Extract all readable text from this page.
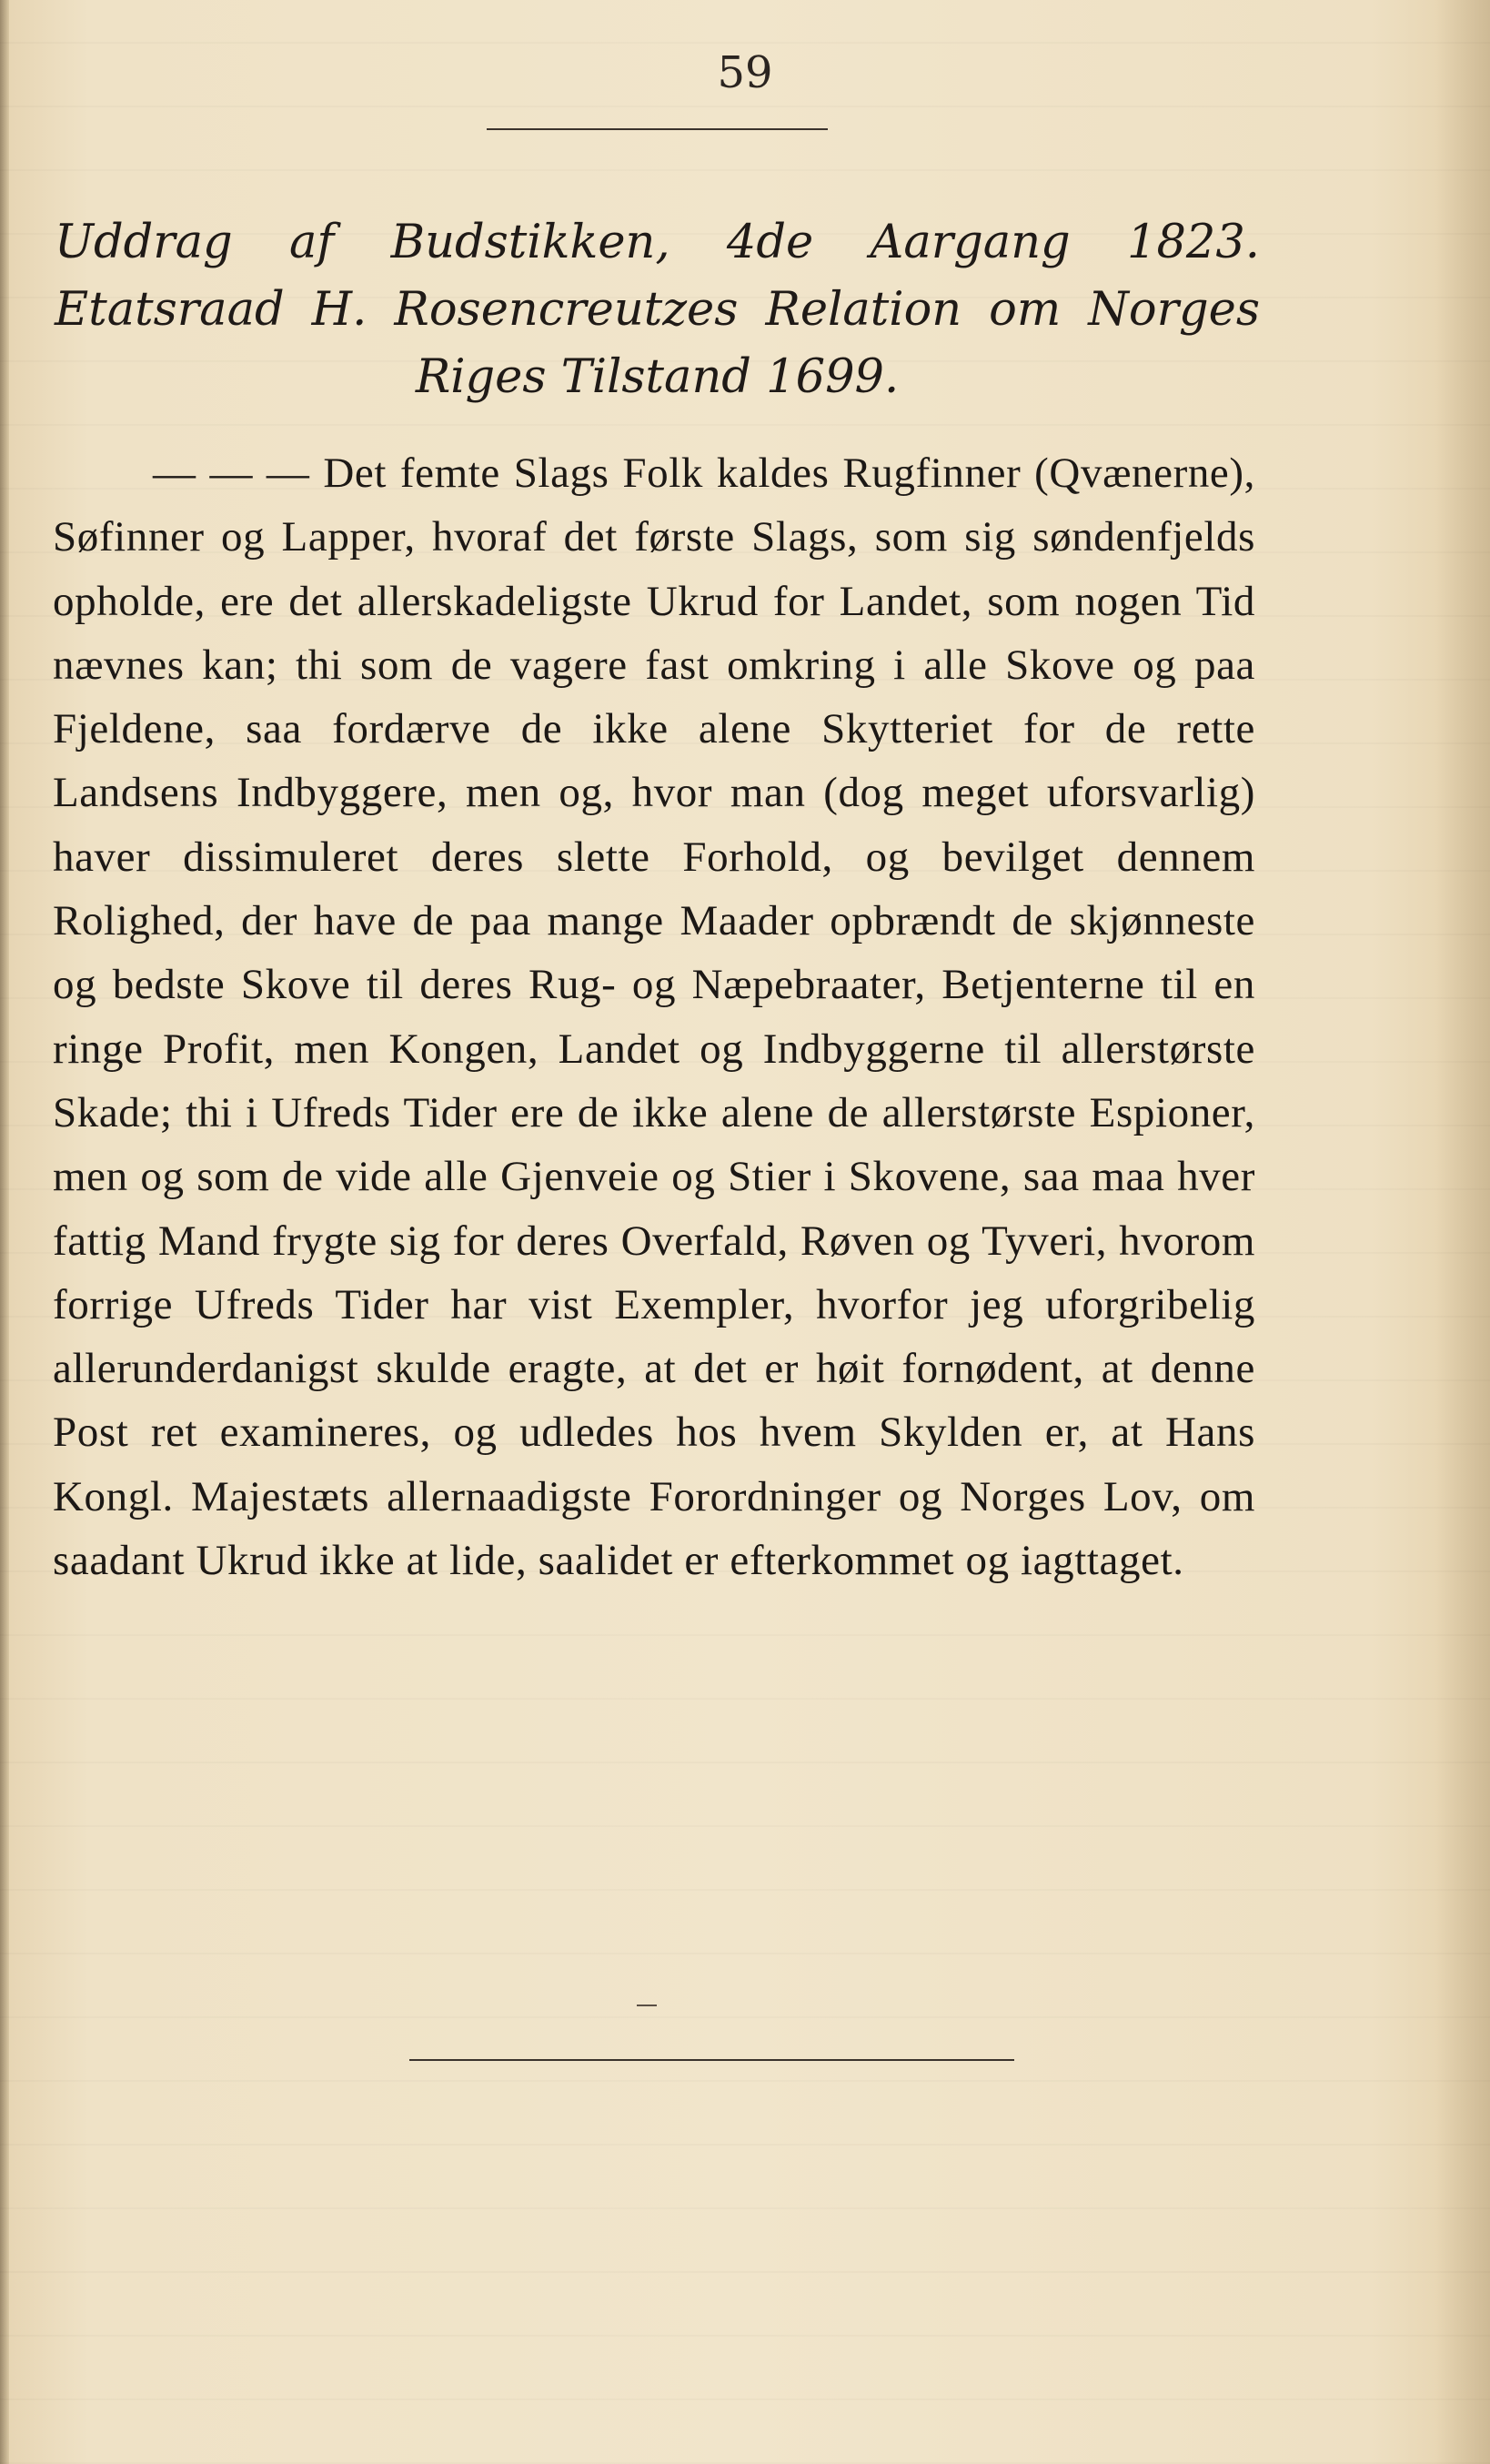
59
Uddrag af Budstikken, 4de Aargang 1823. Etatsraad H. Rosencreutzes Relation om Norges Riges Tilstand 1699.

— — — Det femte Slags Folk kaldes Rugfinner (Qvænerne), Søfinner og Lapper, hvoraf det første Slags, som sig søndenfjelds opholde, ere det allerskadeligste Ukrud for Landet, som nogen Tid nævnes kan; thi som de vagere fast omkring i alle Skove og paa Fjeldene, saa fordærve de ikke alene Skytteriet for de rette Landsens Indbyggere, men og, hvor man (dog meget uforsvarlig) haver dissimuleret deres slette Forhold, og bevilget dennem Rolighed, der have de paa mange Maader opbrændt de skjønneste og bedste Skove til deres Rug- og Næpebraater, Betjenterne til en ringe Profit, men Kongen, Landet og Indbyggerne til allerstørste Skade; thi i Ufreds Tider ere de ikke alene de allerstørste Espioner, men og som de vide alle Gjenveie og Stier i Skovene, saa maa hver fattig Mand frygte sig for deres Overfald, Røven og Tyveri, hvorom forrige Ufreds Tider har vist Exempler, hvorfor jeg uforgribelig allerunderdanigst skulde eragte, at det er høit fornødent, at denne Post ret examineres, og udledes hos hvem Skylden er, at Hans Kongl. Majestæts allernaadigste Forordninger og Norges Lov, om saadant Ukrud ikke at lide, saalidet er efterkommet og iagttaget.
